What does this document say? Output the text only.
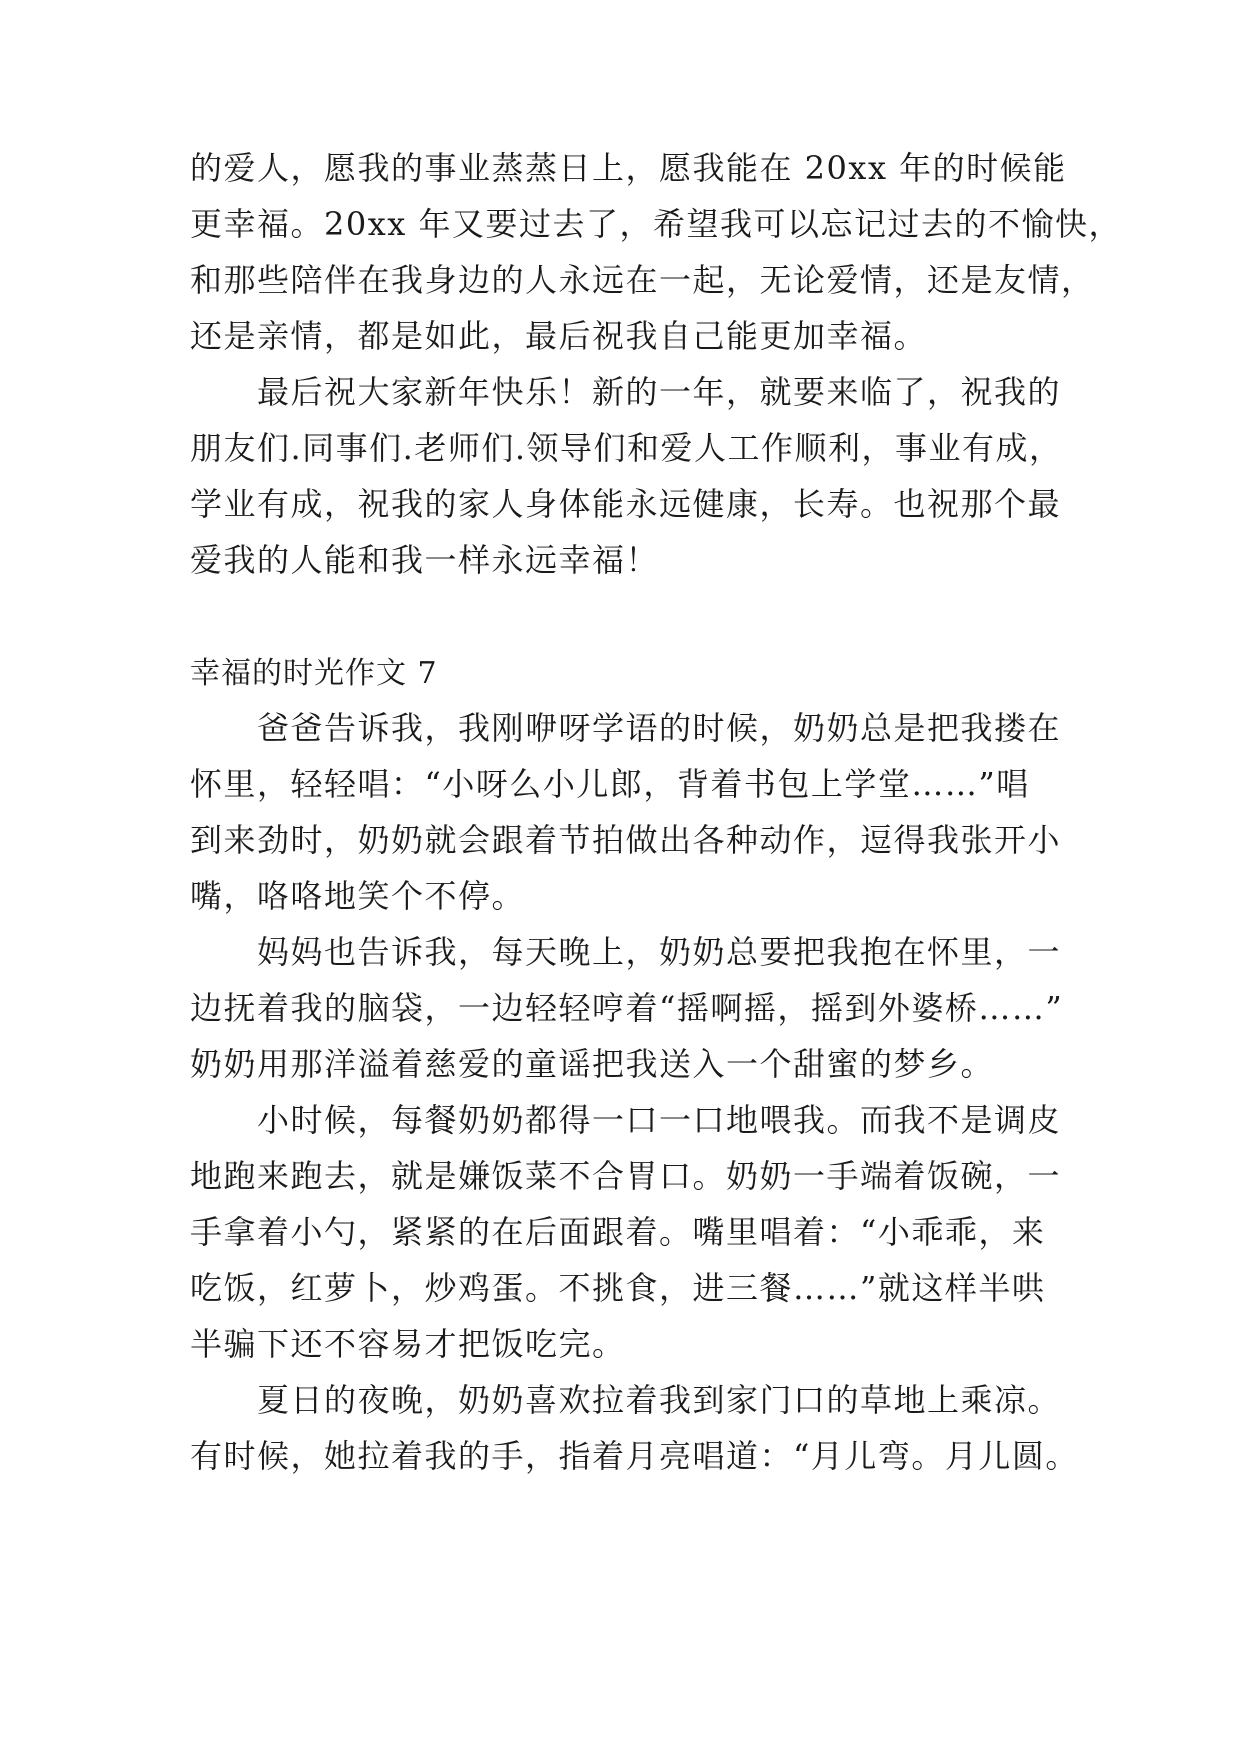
的爱人，愿我的事业蒸蒸日上，愿我能在 20xx 年的时候能
更幸福。20xx 年又要过去了，希望我可以忘记过去的不愉快，
和那些陪伴在我身边的人永远在一起，无论爱情，还是友情，
还是亲情，都是如此，最后祝我自己能更加幸福。
　　最后祝大家新年快乐！新的一年，就要来临了，祝我的
朋友们.同事们.老师们.领导们和爱人工作顺利，事业有成，
学业有成，祝我的家人身体能永远健康，长寿。也祝那个最
爱我的人能和我一样永远幸福！
幸福的时光作文 7
　　爸爸告诉我，我刚咿呀学语的时候，奶奶总是把我搂在
怀里，轻轻唱：“小呀么小儿郎，背着书包上学堂……”唱
到来劲时，奶奶就会跟着节拍做出各种动作，逗得我张开小
嘴，咯咯地笑个不停。
　　妈妈也告诉我，每天晚上，奶奶总要把我抱在怀里，一
边抚着我的脑袋，一边轻轻哼着“摇啊摇，摇到外婆桥……”
奶奶用那洋溢着慈爱的童谣把我送入一个甜蜜的梦乡。
　　小时候，每餐奶奶都得一口一口地喂我。而我不是调皮
地跑来跑去，就是嫌饭菜不合胃口。奶奶一手端着饭碗，一
手拿着小勺，紧紧的在后面跟着。嘴里唱着：“小乖乖，来
吃饭，红萝卜，炒鸡蛋。不挑食，进三餐……”就这样半哄
半骗下还不容易才把饭吃完。
　　夏日的夜晚，奶奶喜欢拉着我到家门口的草地上乘凉。
有时候，她拉着我的手，指着月亮唱道：“月儿弯。月儿圆。
